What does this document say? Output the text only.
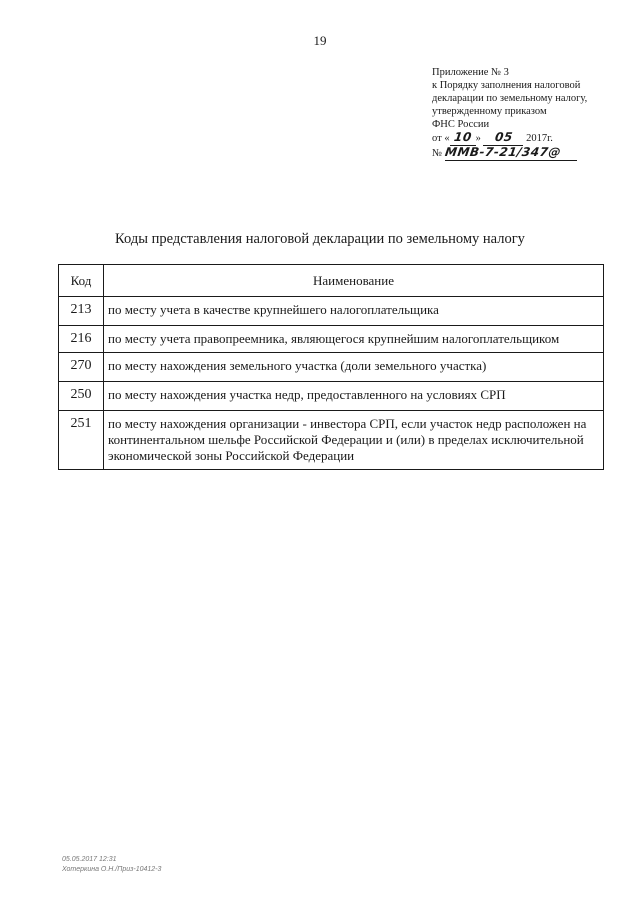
19
Приложение № 3
к Порядку заполнения налоговой
декларации по земельному налогу,
утвержденному приказом
ФНС России
от « 10 » 05 2017г.
№ ММВ-7-21/347@
Коды представления налоговой декларации по земельному налогу
Код	Наименование
213	по месту учета в качестве крупнейшего налогоплательщика
216	по месту учета правопреемника, являющегося крупнейшим налогоплательщиком
270	по месту нахождения земельного участка (доли земельного участка)
250	по месту нахождения участка недр, предоставленного на условиях СРП
251	по месту нахождения организации - инвестора СРП, если участок недр расположен на континентальном шельфе Российской Федерации и (или) в пределах исключительной экономической зоны Российской Федерации
05.05.2017 12:31
Хотеркина О.Н./Приз-10412-3
